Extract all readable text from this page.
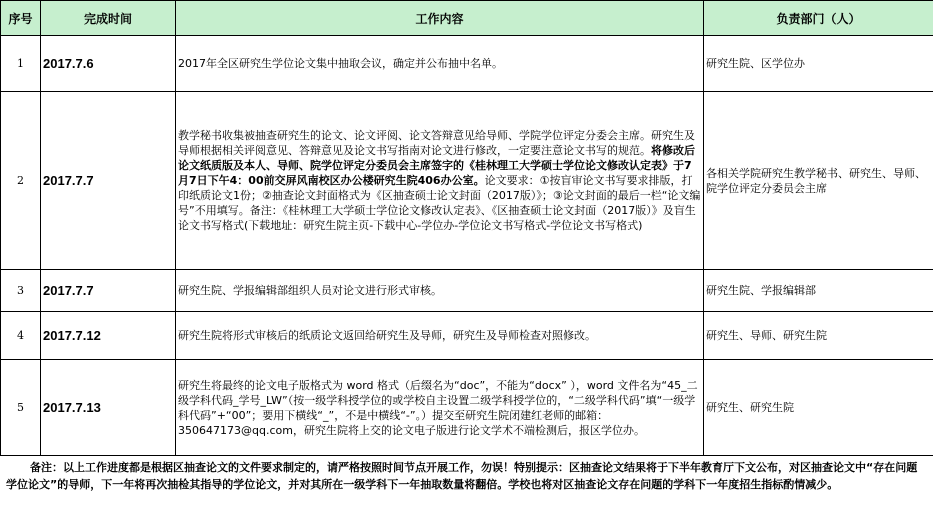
序号	完成时间	工作内容	负责部门（人）
1	2017.7.6	2017年全区研究生学位论文集中抽取会议，确定并公布抽中名单。	研究生院、区学位办
2	2017.7.7	教学秘书收集被抽查研究生的论文、论文评阅、论文答辩意见给导师、学院学位评定分委会主席。研究生及导师根据相关评阅意见、答辩意见及论文书写指南对论文进行修改，一定要注意论文书写的规范。将修改后论文纸质版及本人、导师、院学位评定分委员会主席签字的《桂林理工大学硕士学位论文修改认定表》于7月7日下午4：00前交屏风南校区办公楼研究生院406办公室。论文要求：①按盲审论文书写要求排版，打印纸质论文1份；②抽查论文封面格式为《区抽查硕士论文封面（2017版）》；③论文封面的最后一栏“论文编号”不用填写。备注：《桂林理工大学硕士学位论文修改认定表》、《区抽查硕士论文封面（2017版）》及盲生论文书写格式(下载地址：研究生院主页-下载中心-学位办-学位论文书写格式-学位论文书写格式)	各相关学院研究生教学秘书、研究生、导师、院学位评定分委员会主席
3	2017.7.7	研究生院、学报编辑部组织人员对论文进行形式审核。	研究生院、学报编辑部
4	2017.7.12	研究生院将形式审核后的纸质论文返回给研究生及导师，研究生及导师检查对照修改。	研究生、导师、研究生院
5	2017.7.13	研究生将最终的论文电子版格式为 word 格式（后缀名为“doc”，不能为“docx” ），word 文件名为“45_二级学科代码_学号_LW”（按一级学科授学位的或学校自主设置二级学科授学位的，“二级学科代码”填“一级学科代码”+“00”；要用下横线“_”，不是中横线“-”。）提交至研究生院闭建红老师的邮箱：350647173@qq.com，研究生院将上交的论文电子版进行论文学术不端检测后，报区学位办。	研究生、研究生院
备注：以上工作进度都是根据区抽查论文的文件要求制定的，请严格按照时间节点开展工作，勿误！特别提示：区抽查论文结果将于下半年教育厅下文公布，对区抽查论文中“存在问题学位论文”的导师，下一年将再次抽检其指导的学位论文，并对其所在一级学科下一年抽取数量将翻倍。学校也将对区抽查论文存在问题的学科下一年度招生指标酌情减少。
